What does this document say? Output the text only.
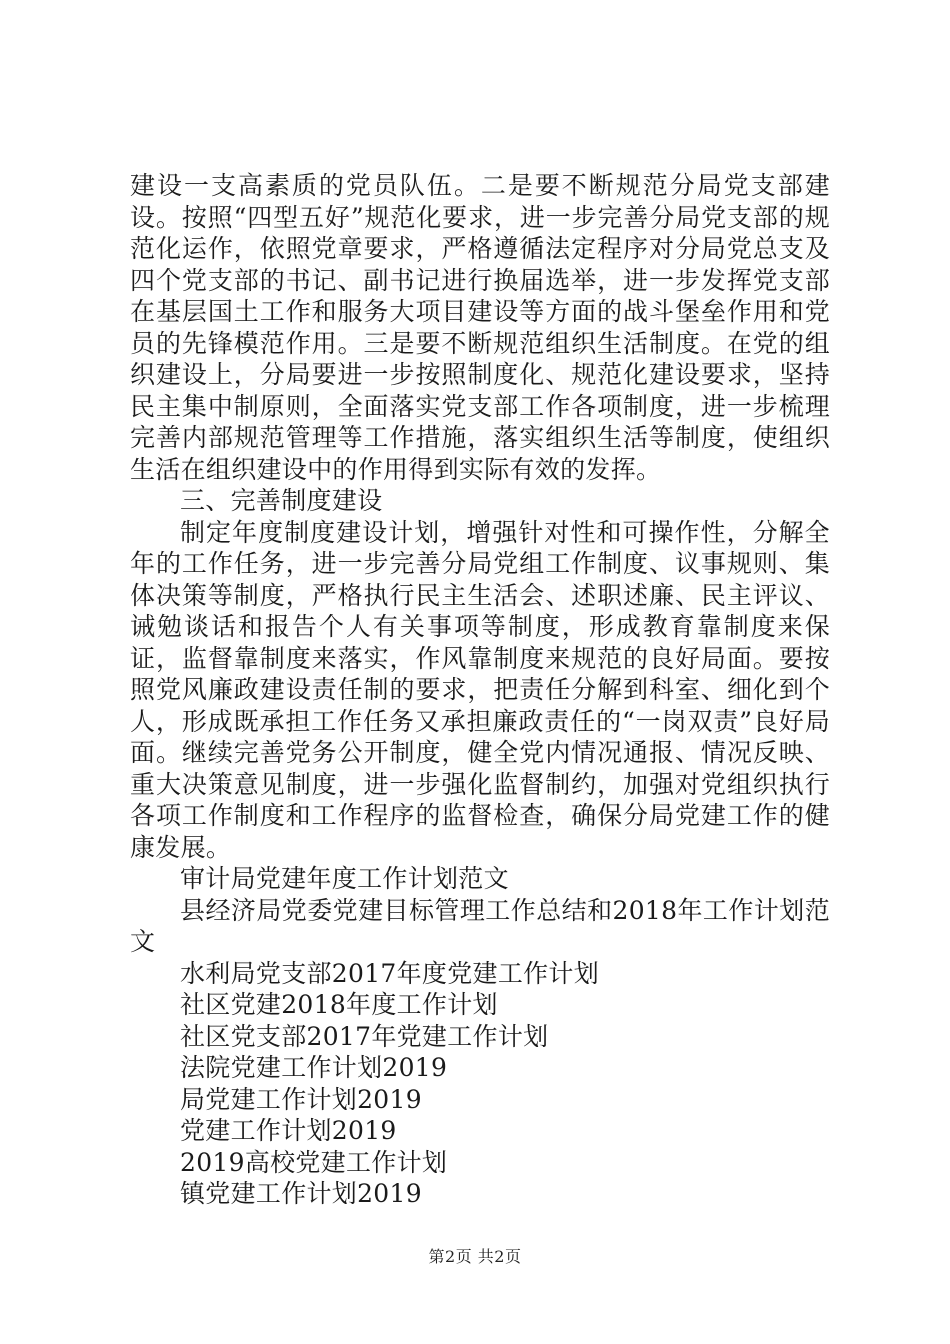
建设一支高素质的党员队伍。二是要不断规范分局党支部建设。按照“四型五好”规范化要求，进一步完善分局党支部的规范化运作，依照党章要求，严格遵循法定程序对分局党总支及四个党支部的书记、副书记进行换届选举，进一步发挥党支部在基层国土工作和服务大项目建设等方面的战斗堡垒作用和党员的先锋模范作用。三是要不断规范组织生活制度。在党的组织建设上，分局要进一步按照制度化、规范化建设要求，坚持民主集中制原则，全面落实党支部工作各项制度，进一步梳理完善内部规范管理等工作措施，落实组织生活等制度，使组织生活在组织建设中的作用得到实际有效的发挥。

三、完善制度建设

制定年度制度建设计划，增强针对性和可操作性，分解全年的工作任务，进一步完善分局党组工作制度、议事规则、集体决策等制度，严格执行民主生活会、述职述廉、民主评议、诫勉谈话和报告个人有关事项等制度，形成教育靠制度来保证，监督靠制度来落实，作风靠制度来规范的良好局面。要按照党风廉政建设责任制的要求，把责任分解到科室、细化到个人，形成既承担工作任务又承担廉政责任的“一岗双责”良好局面。继续完善党务公开制度，健全党内情况通报、情况反映、重大决策意见制度，进一步强化监督制约，加强对党组织执行各项工作制度和工作程序的监督检查，确保分局党建工作的健康发展。

审计局党建年度工作计划范文

县经济局党委党建目标管理工作总结和2018年工作计划范文

水利局党支部2017年度党建工作计划

社区党建2018年度工作计划

社区党支部2017年党建工作计划

法院党建工作计划2019

局党建工作计划2019

党建工作计划2019

2019高校党建工作计划

镇党建工作计划2019

第2页 共2页
